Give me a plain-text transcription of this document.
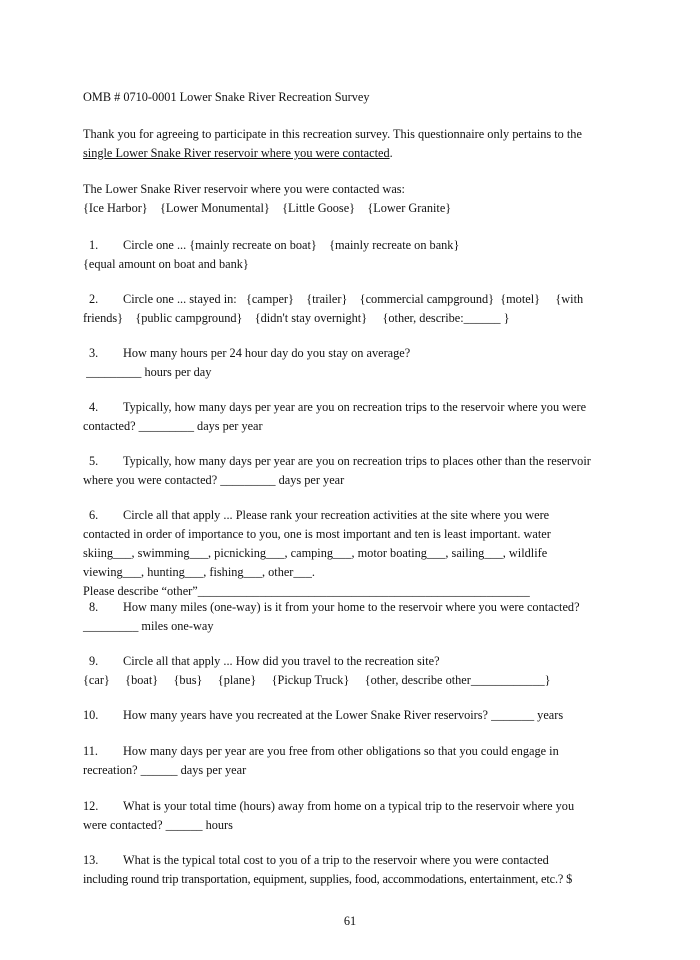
OMB # 0710-0001 Lower Snake River Recreation Survey

Thank you for agreeing to participate in this recreation survey. This questionnaire only pertains to the
single Lower Snake River reservoir where you were contacted.

The Lower Snake River reservoir where you were contacted was:
{Ice Harbor}    {Lower Monumental}    {Little Goose}    {Lower Granite}

1. Circle one ... {mainly recreate on boat}    {mainly recreate on bank}
{equal amount on boat and bank}

2. Circle one ... stayed in:   {camper}    {trailer}    {commercial campground}  {motel}     {with
friends}    {public campground}    {didn't stay overnight}     {other, describe:______ }

3. How many hours per 24 hour day do you stay on average?
_________ hours per day

4. Typically, how many days per year are you on recreation trips to the reservoir where you were
contacted? _________ days per year

5. Typically, how many days per year are you on recreation trips to places other than the reservoir
where you were contacted? _________ days per year

6. Circle all that apply ... Please rank your recreation activities at the site where you were
contacted in order of importance to you, one is most important and ten is least important. water
skiing___, swimming___, picnicking___, camping___, motor boating___, sailing___, wildlife
viewing___, hunting___, fishing___, other___.
Please describe “other”______________________________________________________

8. How many miles (one-way) is it from your home to the reservoir where you were contacted?
_________ miles one-way

9. Circle all that apply ... How did you travel to the recreation site?
{car}     {boat}     {bus}     {plane}     {Pickup Truck}     {other, describe other____________}

10. How many years have you recreated at the Lower Snake River reservoirs? _______ years

11. How many days per year are you free from other obligations so that you could engage in
recreation? ______ days per year

12. What is your total time (hours) away from home on a typical trip to the reservoir where you
were contacted? ______ hours

13. What is the typical total cost to you of a trip to the reservoir where you were contacted
including round trip transportation, equipment, supplies, food, accommodations, entertainment, etc.? $

61
